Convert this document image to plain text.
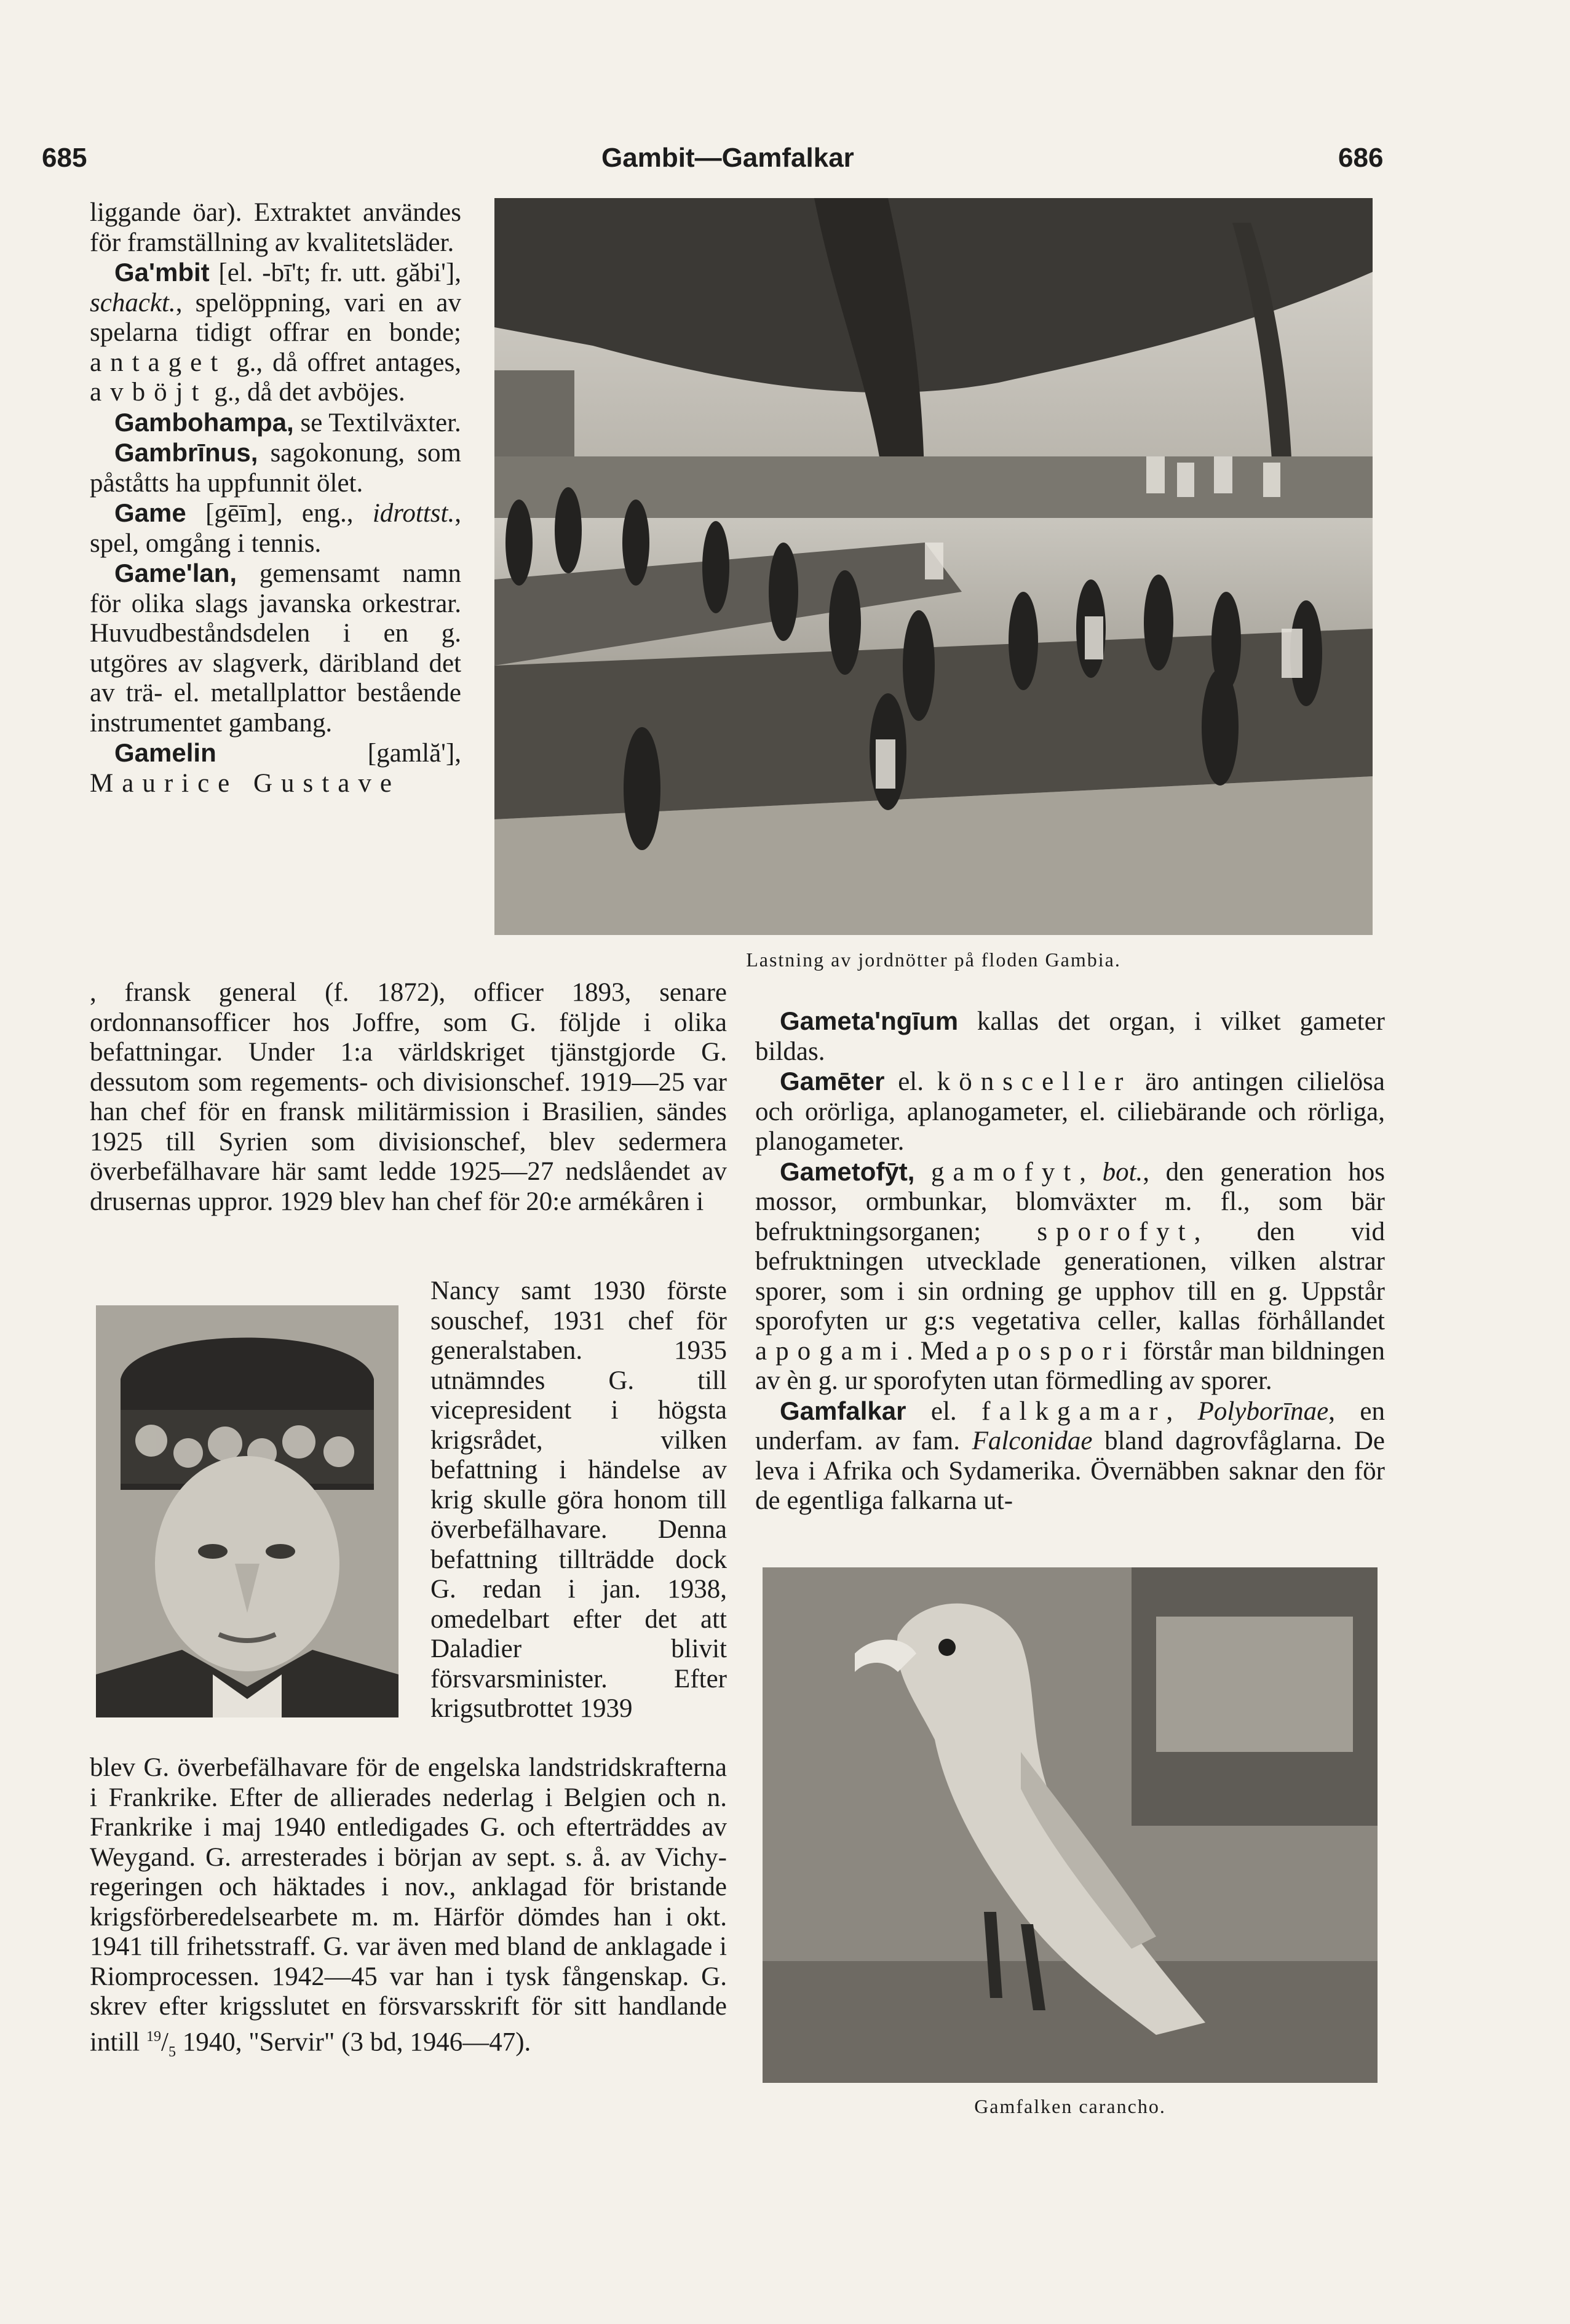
685	Gambit—Gamfalkar	686

liggande öar). Extraktet användes för framställning av kvalitetsläder.

Ga'mbit [el. -bī't; fr. utt. găbi'], schackt., spelöppning, vari en av spelarna tidigt offrar en bonde; antaget g., då offret antages, avböjt g., då det avböjes.

Gambohampa, se Textilväxter.

Gambrīnus, sagokonung, som påståtts ha uppfunnit ölet.

Game [gēīm], eng., idrottst., spel, omgång i tennis.

Game'lan, gemensamt namn för olika slags javanska orkestrar. Huvudbeståndsdelen i en g. utgöres av slagverk, däribland det av trä- el. metallplattor bestående instrumentet gambang.

Gamelin [gamlă'], Maurice Gustave

Lastning av jordnötter på floden Gambia.

, fransk general (f. 1872), officer 1893, senare ordonnansofficer hos Joffre, som G. följde i olika befattningar. Under 1:a världskriget tjänstgjorde G. dessutom som regements- och divisionschef. 1919—25 var han chef för en fransk militärmission i Brasilien, sändes 1925 till Syrien som divisionschef, blev sedermera överbefälhavare här samt ledde 1925—27 nedslåendet av drusernas uppror. 1929 blev han chef för 20:e armékåren i

Nancy samt 1930 förste souschef, 1931 chef för generalstaben. 1935 utnämndes G. till vicepresident i högsta krigsrådet, vilken befattning i händelse av krig skulle göra honom till överbefälhavare. Denna befattning tillträdde dock G. redan i jan. 1938, omedelbart efter det att Daladier blivit försvarsminister. Efter krigsutbrottet 1939

blev G. överbefälhavare för de engelska landstridskrafterna i Frankrike. Efter de allierades nederlag i Belgien och n. Frankrike i maj 1940 entledigades G. och efterträddes av Weygand. G. arresterades i början av sept. s. å. av Vichy-regeringen och häktades i nov., anklagad för bristande krigsförberedelsearbete m. m. Härför dömdes han i okt. 1941 till frihetsstraff. G. var även med bland de anklagade i Riomprocessen. 1942—45 var han i tysk fångenskap. G. skrev efter krigsslutet en försvarsskrift för sitt handlande intill $^{19}/_5$ 1940, "Servir" (3 bd, 1946—47).

Gameta'ngīum kallas det organ, i vilket gameter bildas.

Gamēter el. könsceller äro antingen cilielösa och orörliga, aplanogameter, el. ciliebärande och rörliga, planogameter.

Gametofȳt, gamofyt, bot., den generation hos mossor, ormbunkar, blomväxter m. fl., som bär befruktningsorganen; sporofyt, den vid befruktningen utvecklade generationen, vilken alstrar sporer, som i sin ordning ge upphov till en g. Uppstår sporofyten ur g:s vegetativa celler, kallas förhållandet apogami. Med apospori förstår man bildningen av èn g. ur sporofyten utan förmedling av sporer.

Gamfalkar el. falkgamar, Polyborīnae, en underfam. av fam. Falconidae bland dagrovfåglarna. De leva i Afrika och Sydamerika. Övernäbben saknar den för de egentliga falkarna ut-

Gamfalken carancho.
